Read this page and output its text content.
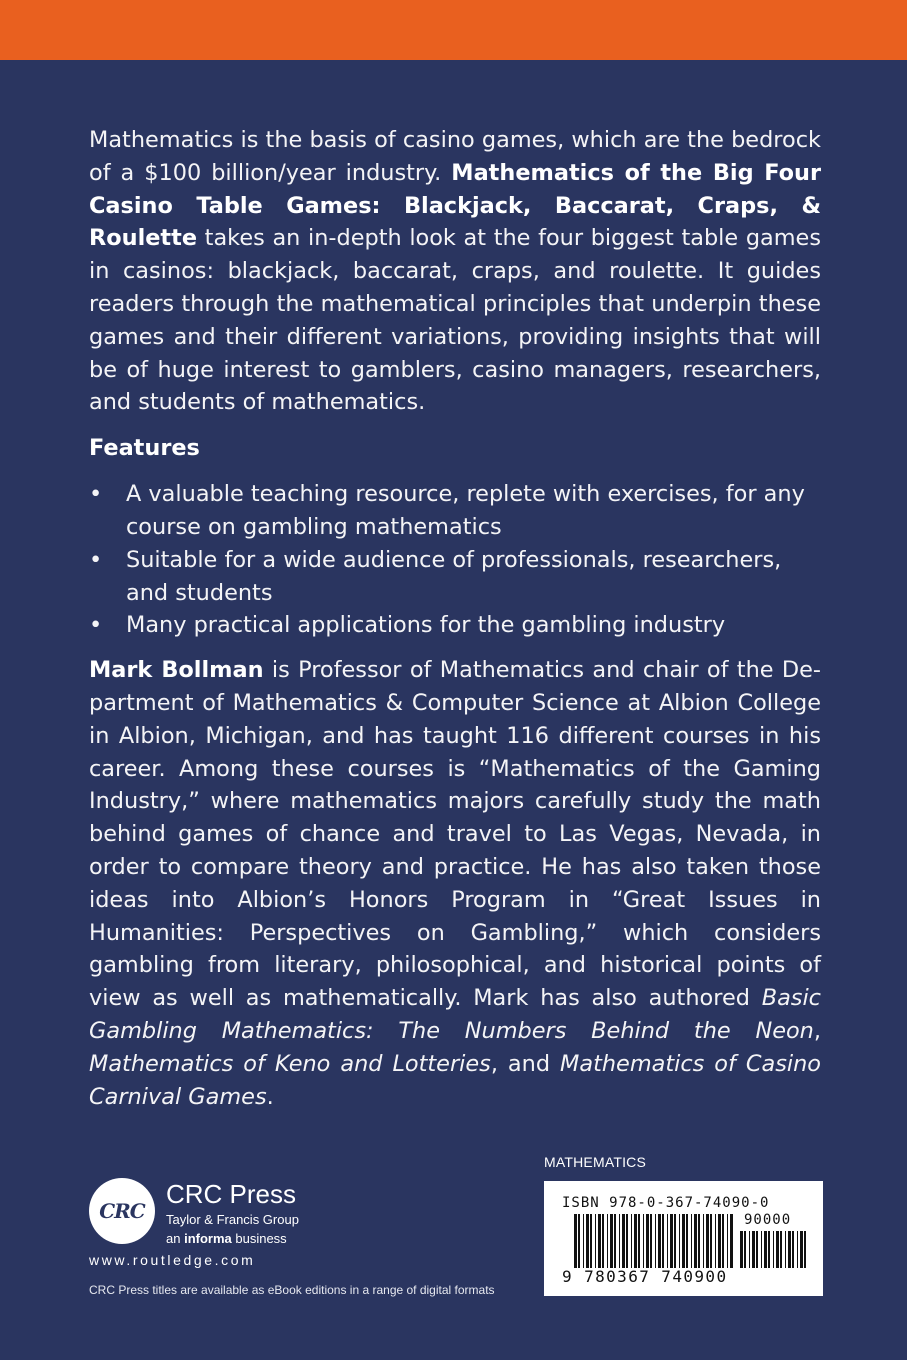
Mathematics is the basis of casino games, which are the bedrock of a $100 billion/year industry. Mathematics of the Big Four Casino Table Games: Blackjack, Baccarat, Craps, & Roulette takes an in-depth look at the four biggest table games in casinos: blackjack, baccarat, craps, and roulette. It guides readers through the mathematical principles that underpin these games and their different variations, providing insights that will be of huge interest to gamblers, casino managers, researchers, and students of mathematics.

Features
• A valuable teaching resource, replete with exercises, for any course on gambling mathematics
• Suitable for a wide audience of professionals, researchers, and students
• Many practical applications for the gambling industry

Mark Bollman is Professor of Mathematics and chair of the Department of Mathematics & Computer Science at Albion College in Albion, Michigan, and has taught 116 different courses in his career. Among these courses is “Mathematics of the Gaming Industry,” where mathematics majors carefully study the math behind games of chance and travel to Las Vegas, Nevada, in order to compare theory and practice. He has also taken those ideas into Albion’s Honors Program in “Great Issues in Humanities: Perspectives on Gambling,” which considers gambling from literary, philosophical, and historical points of view as well as mathematically. Mark has also authored Basic Gambling Mathematics: The Numbers Behind the Neon, Mathematics of Keno and Lotteries, and Mathematics of Casino Carnival Games.

CRC
CRC Press
Taylor & Francis Group
an informa business
www.routledge.com
CRC Press titles are available as eBook editions in a range of digital formats
MATHEMATICS
ISBN 978-0-367-74090-0
90000
9 780367 740900
